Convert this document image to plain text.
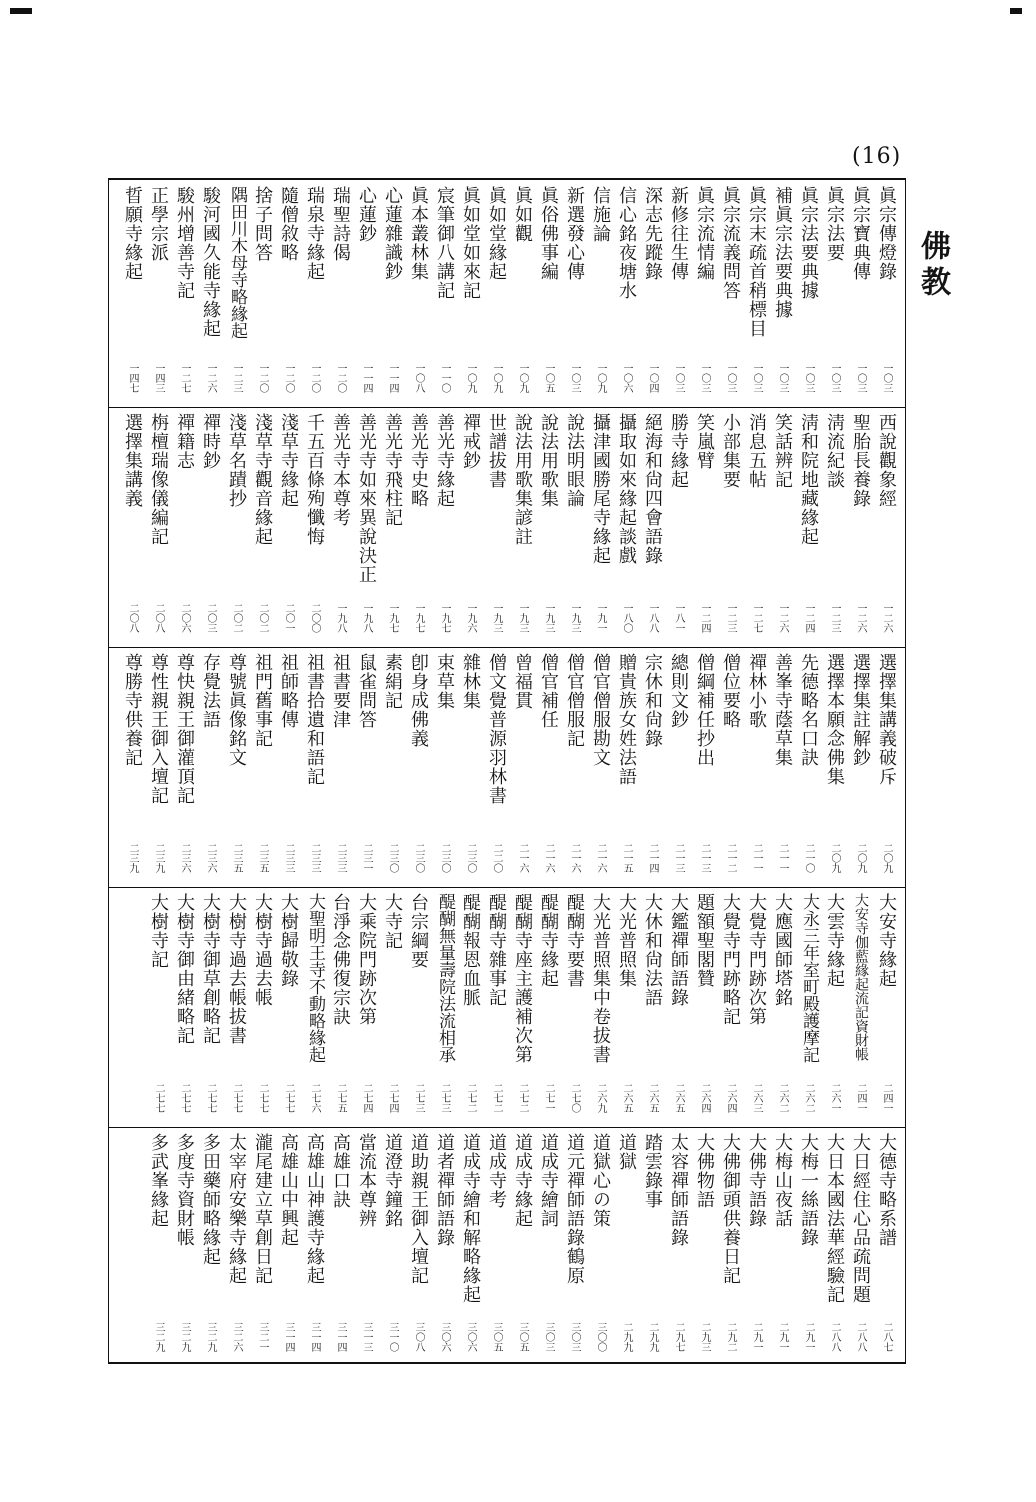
(16)
佛教
眞宗傳燈錄
一〇三
眞宗寶典傳
一〇三
眞宗法要
一〇三
眞宗法要典據
一〇三
補眞宗法要典據
一〇三
眞宗末疏首稍標目
一〇三
眞宗流義問答
一〇三
眞宗流情編
一〇三
新修往生傳
一〇三
深志先蹤錄
一〇四
信心銘夜塘水
一〇六
信施論
一〇九
新選發心傳
一〇三
眞俗佛事編
一〇五
眞如觀
一〇九
眞如堂緣起
一〇九
眞如堂如來記
一〇九
宸筆御八講記
一一〇
眞本叢林集
一〇八
心蓮雜識鈔
一一四
心蓮鈔
一一四
瑞聖詩偈
一二〇
瑞泉寺緣起
一二〇
隨僧敘略
一二〇
捨子問答
一二〇
隅田川木母寺略緣起
一二三
駿河國久能寺緣起
一二六
駿州增善寺記
一二七
正學宗派
一四三
晢願寺緣起
一四七
西說觀象經
一二六
聖胎長養錄
一二六
淸流紀談
一二三
淸和院地藏緣起
一二四
笑話辨記
一二六
消息五帖
一二七
小部集要
一二三
笑嵐臂
一二四
勝寺緣起
一八一
絕海和尙四會語錄
一八八
攝取如來緣起談戲
一八〇
攝津國勝尾寺緣起
一九一
說法明眼論
一九三
說法用歌集
一九三
說法用歌集諺註
一九三
世譜拔書
一九三
禪戒鈔
一九六
善光寺緣起
一九七
善光寺史略
一九七
善光寺飛柱記
一九七
善光寺如來異說決正
一九八
善光寺本尊考
一九八
千五百條殉懺悔
二〇〇
淺草寺緣起
二〇一
淺草寺觀音緣起
二〇二
淺草名蹟抄
二〇二
禪時鈔
二〇三
禪籍志
二〇六
栴檀瑞像儀編記
二〇八
選擇集講義
二〇八
選擇集講義破斥
二〇九
選擇集註解鈔
二〇九
選擇本願念佛集
二〇九
先德略名口訣
二一〇
善峯寺蔭草集
二一一
禪林小歌
二一一
僧位要略
二一二
僧綱補任抄出
二一三
總則文鈔
二一三
宗休和尙錄
二一四
贈貴族女姓法語
二一五
僧官僧服勘文
二一六
僧官僧服記
二一六
僧官補任
二一六
曾福貫
二一六
僧文覺普源羽林書
二二〇
雜林集
二三〇
束草集
二三〇
卽身成佛義
二三〇
素絹記
二三〇
鼠雀問答
二三一
祖書要津
二三三
祖書拾遺和語記
二三三
祖師略傳
二三三
祖門舊事記
二三五
尊號眞像銘文
二三五
存覺法語
二三六
尊快親王御灌頂記
二三六
尊性親王御入壇記
二三九
尊勝寺供養記
二三九
大安寺緣起
二四一
大安寺伽藍緣起流記資財帳
二四一
大雲寺緣起
二六一
大永三年室町殿護摩記
二六二
大應國師塔銘
二六二
大覺寺門跡次第
二六三
大覺寺門跡略記
二六四
題額聖閣贊
二六四
大鑑禪師語錄
二六五
大休和尙法語
二六五
大光普照集
二六五
大光普照集中卷拔書
二六九
醍醐寺要書
二七〇
醍醐寺緣起
二七一
醍醐寺座主護補次第
二七二
醍醐寺雜事記
二七二
醍醐報恩血脈
二七二
醍醐無量壽院法流相承
二七三
台宗綱要
二七三
大寺記
二七四
大乘院門跡次第
二七四
台淨念佛復宗訣
二七五
大聖明王寺不動略緣起
二七六
大樹歸敬錄
二七七
大樹寺過去帳
二七七
大樹寺過去帳拔書
二七七
大樹寺御草創略記
二七七
大樹寺御由緒略記
二七七
大樹寺記
二七七
大德寺略系譜
二八七
大日經住心品疏問題
二八八
大日本國法華經驗記
二八八
大梅一絲語錄
二九一
大梅山夜話
二九一
大佛寺語錄
二九一
大佛御頭供養日記
二九二
大佛物語
二九三
太容禪師語錄
二九七
踏雲錄事
二九九
道獄
二九九
道獄心の策
三〇〇
道元禪師語錄鶴原
三〇三
道成寺繪詞
三〇三
道成寺緣起
三〇五
道成寺考
三〇五
道成寺繪和解略緣起
三〇六
道者禪師語錄
三〇六
道助親王御入壇記
三〇八
道澄寺鐘銘
三一〇
當流本尊辨
三一三
高雄口訣
三一四
高雄山神護寺緣起
三一四
高雄山中興起
三一四
瀧尾建立草創日記
三二一
太宰府安樂寺緣起
三二六
多田藥師略緣起
三二九
多度寺資財帳
三二九
多武峯緣起
三二九
